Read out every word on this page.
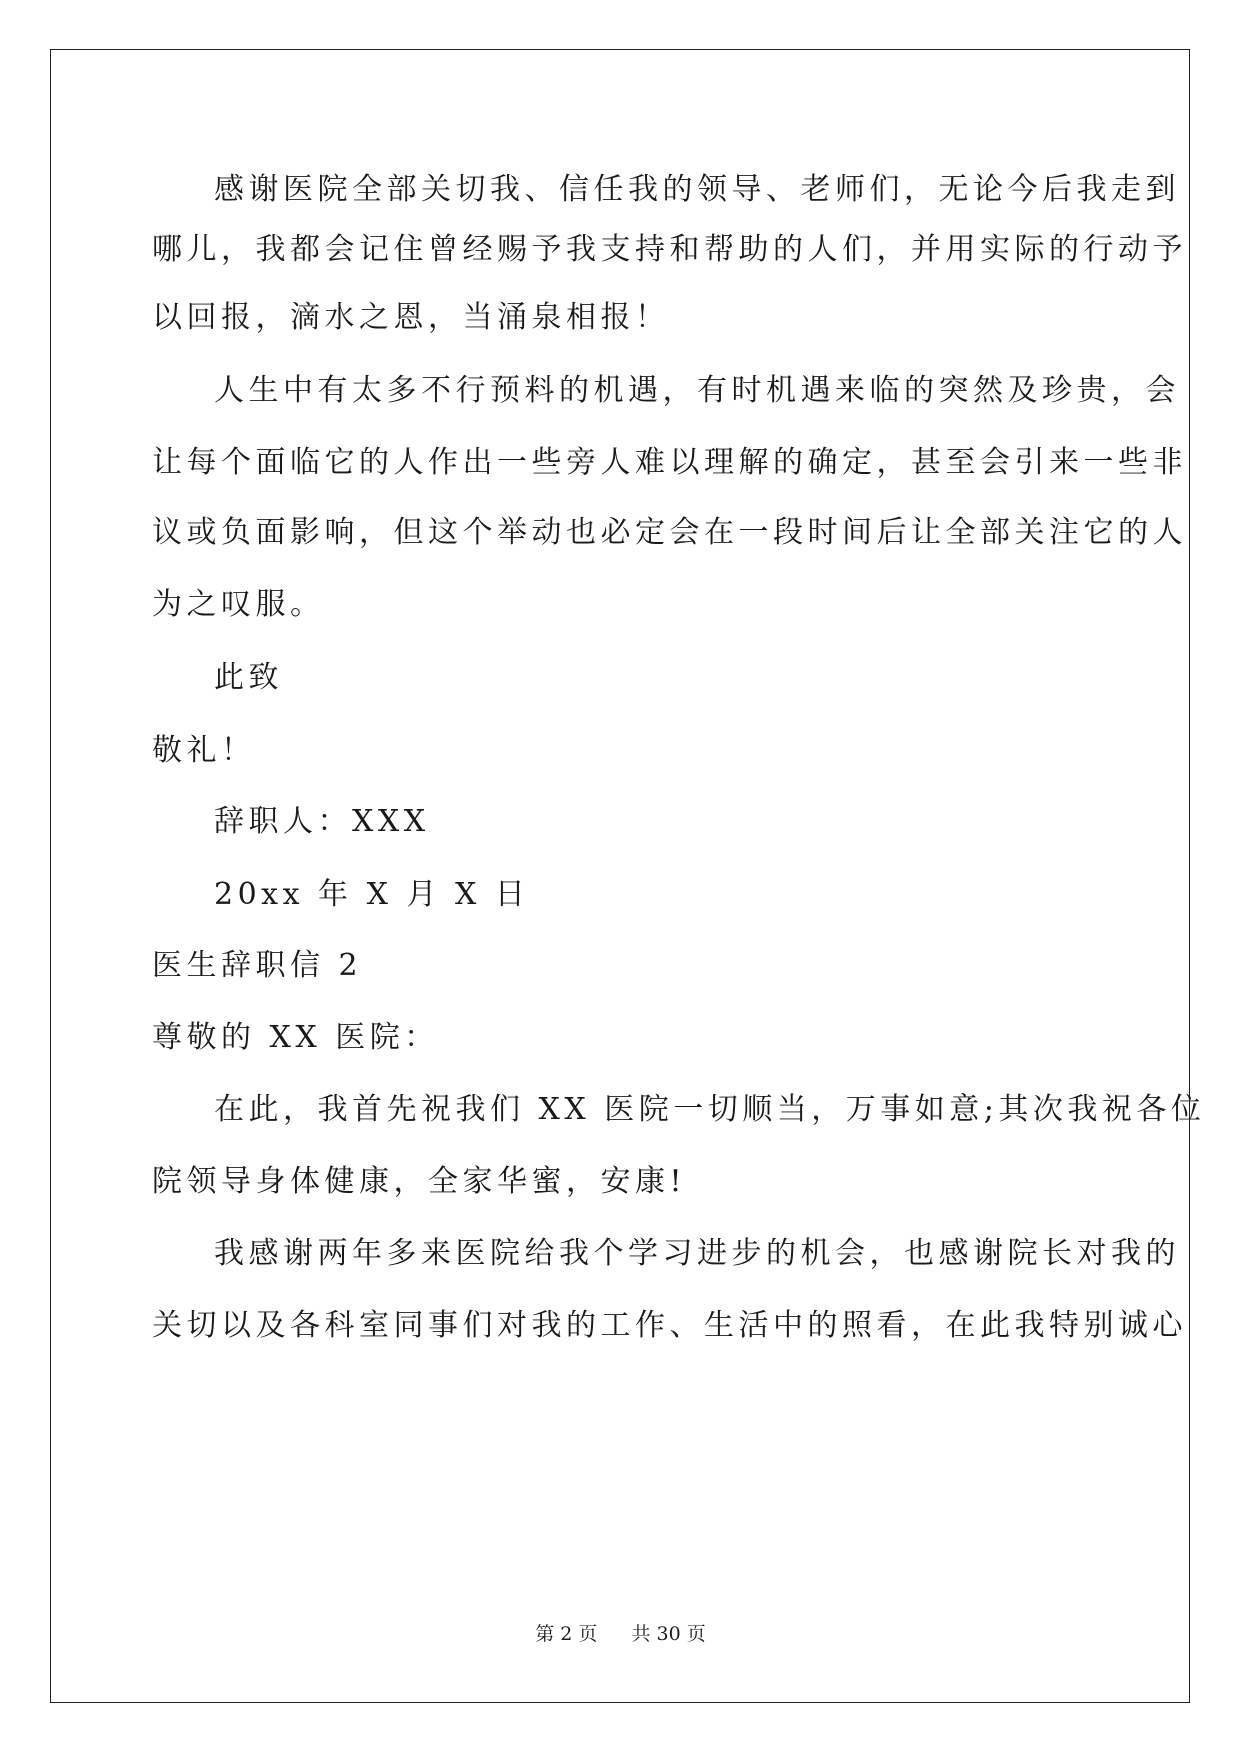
感谢医院全部关切我、信任我的领导、老师们，无论今后我走到
哪儿，我都会记住曾经赐予我支持和帮助的人们，并用实际的行动予
以回报，滴水之恩，当涌泉相报！
人生中有太多不行预料的机遇，有时机遇来临的突然及珍贵，会
让每个面临它的人作出一些旁人难以理解的确定，甚至会引来一些非
议或负面影响，但这个举动也必定会在一段时间后让全部关注它的人
为之叹服。
此致
敬礼！
辞职人：XXX
20xx 年 X 月 X 日
医生辞职信 2
尊敬的 XX 医院：
在此，我首先祝我们 XX 医院一切顺当，万事如意;其次我祝各位
院领导身体健康，全家华蜜，安康!
我感谢两年多来医院给我个学习进步的机会，也感谢院长对我的
关切以及各科室同事们对我的工作、生活中的照看，在此我特别诚心
第 2 页 共 30 页
